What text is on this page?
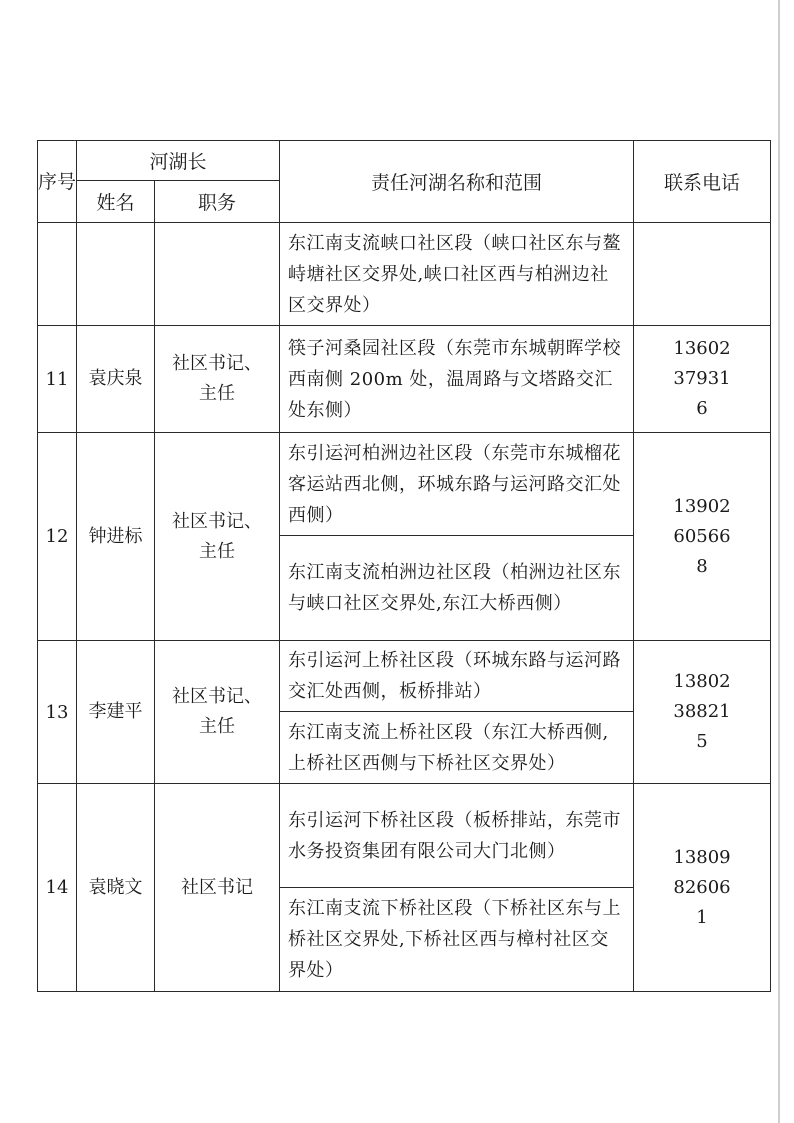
序号	河湖长		责任河湖名称和范围	联系电话
	姓名	职务		
			东江南支流峡口社区段（峡口社区东与鳌峙塘社区交界处,峡口社区西与柏洲边社区交界处）	
11	袁庆泉	社区书记、主任	筷子河桑园社区段（东莞市东城朝晖学校西南侧 200m 处，温周路与文塔路交汇处东侧）	13602379316
12	钟进标	社区书记、主任	东引运河柏洲边社区段（东莞市东城榴花客运站西北侧，环城东路与运河路交汇处西侧）	13902605668
			东江南支流柏洲边社区段（柏洲边社区东与峡口社区交界处,东江大桥西侧）	
13	李建平	社区书记、主任	东引运河上桥社区段（环城东路与运河路交汇处西侧，板桥排站）	13802388215
			东江南支流上桥社区段（东江大桥西侧,上桥社区西侧与下桥社区交界处）	
14	袁晓文	社区书记	东引运河下桥社区段（板桥排站，东莞市水务投资集团有限公司大门北侧）	13809826061
			东江南支流下桥社区段（下桥社区东与上桥社区交界处,下桥社区西与樟村社区交界处）	
